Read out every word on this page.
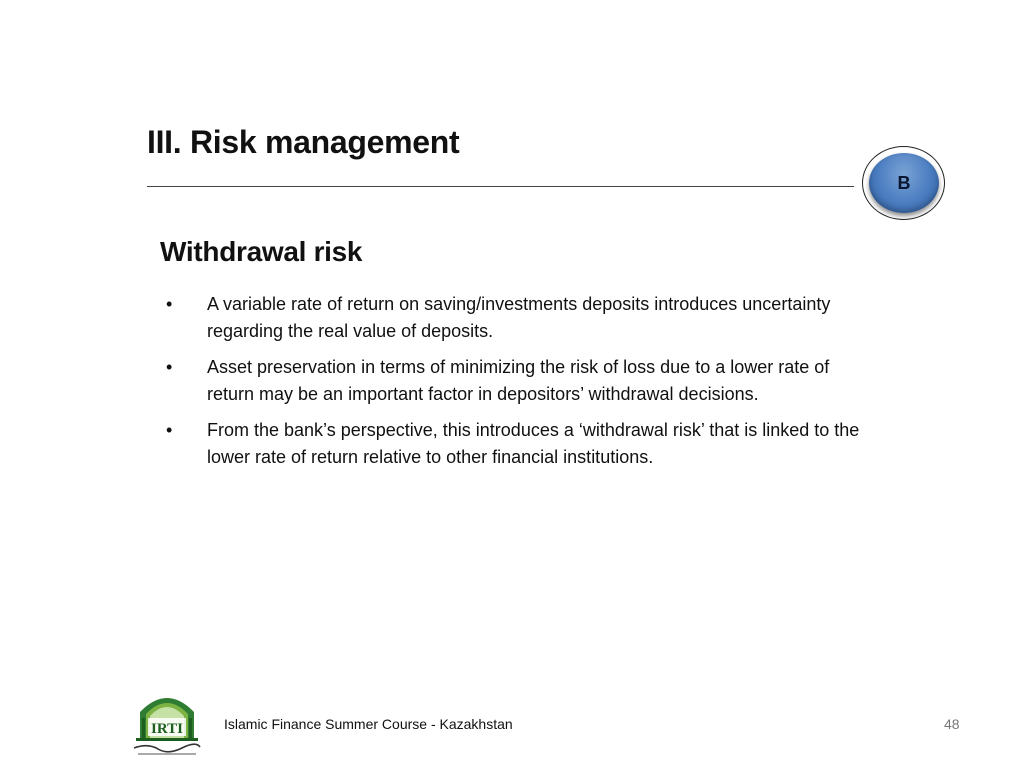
III. Risk management
B
Withdrawal risk
• A variable rate of return on saving/investments deposits introduces uncertainty regarding the real value of deposits.
• Asset preservation in terms of minimizing the risk of loss due to a lower rate of return may be an important factor in depositors’ withdrawal decisions.
• From the bank’s perspective, this introduces a ‘withdrawal risk’ that is linked to the lower rate of return relative to other financial institutions.
IRTI	Islamic Finance Summer Course - Kazakhstan	48
